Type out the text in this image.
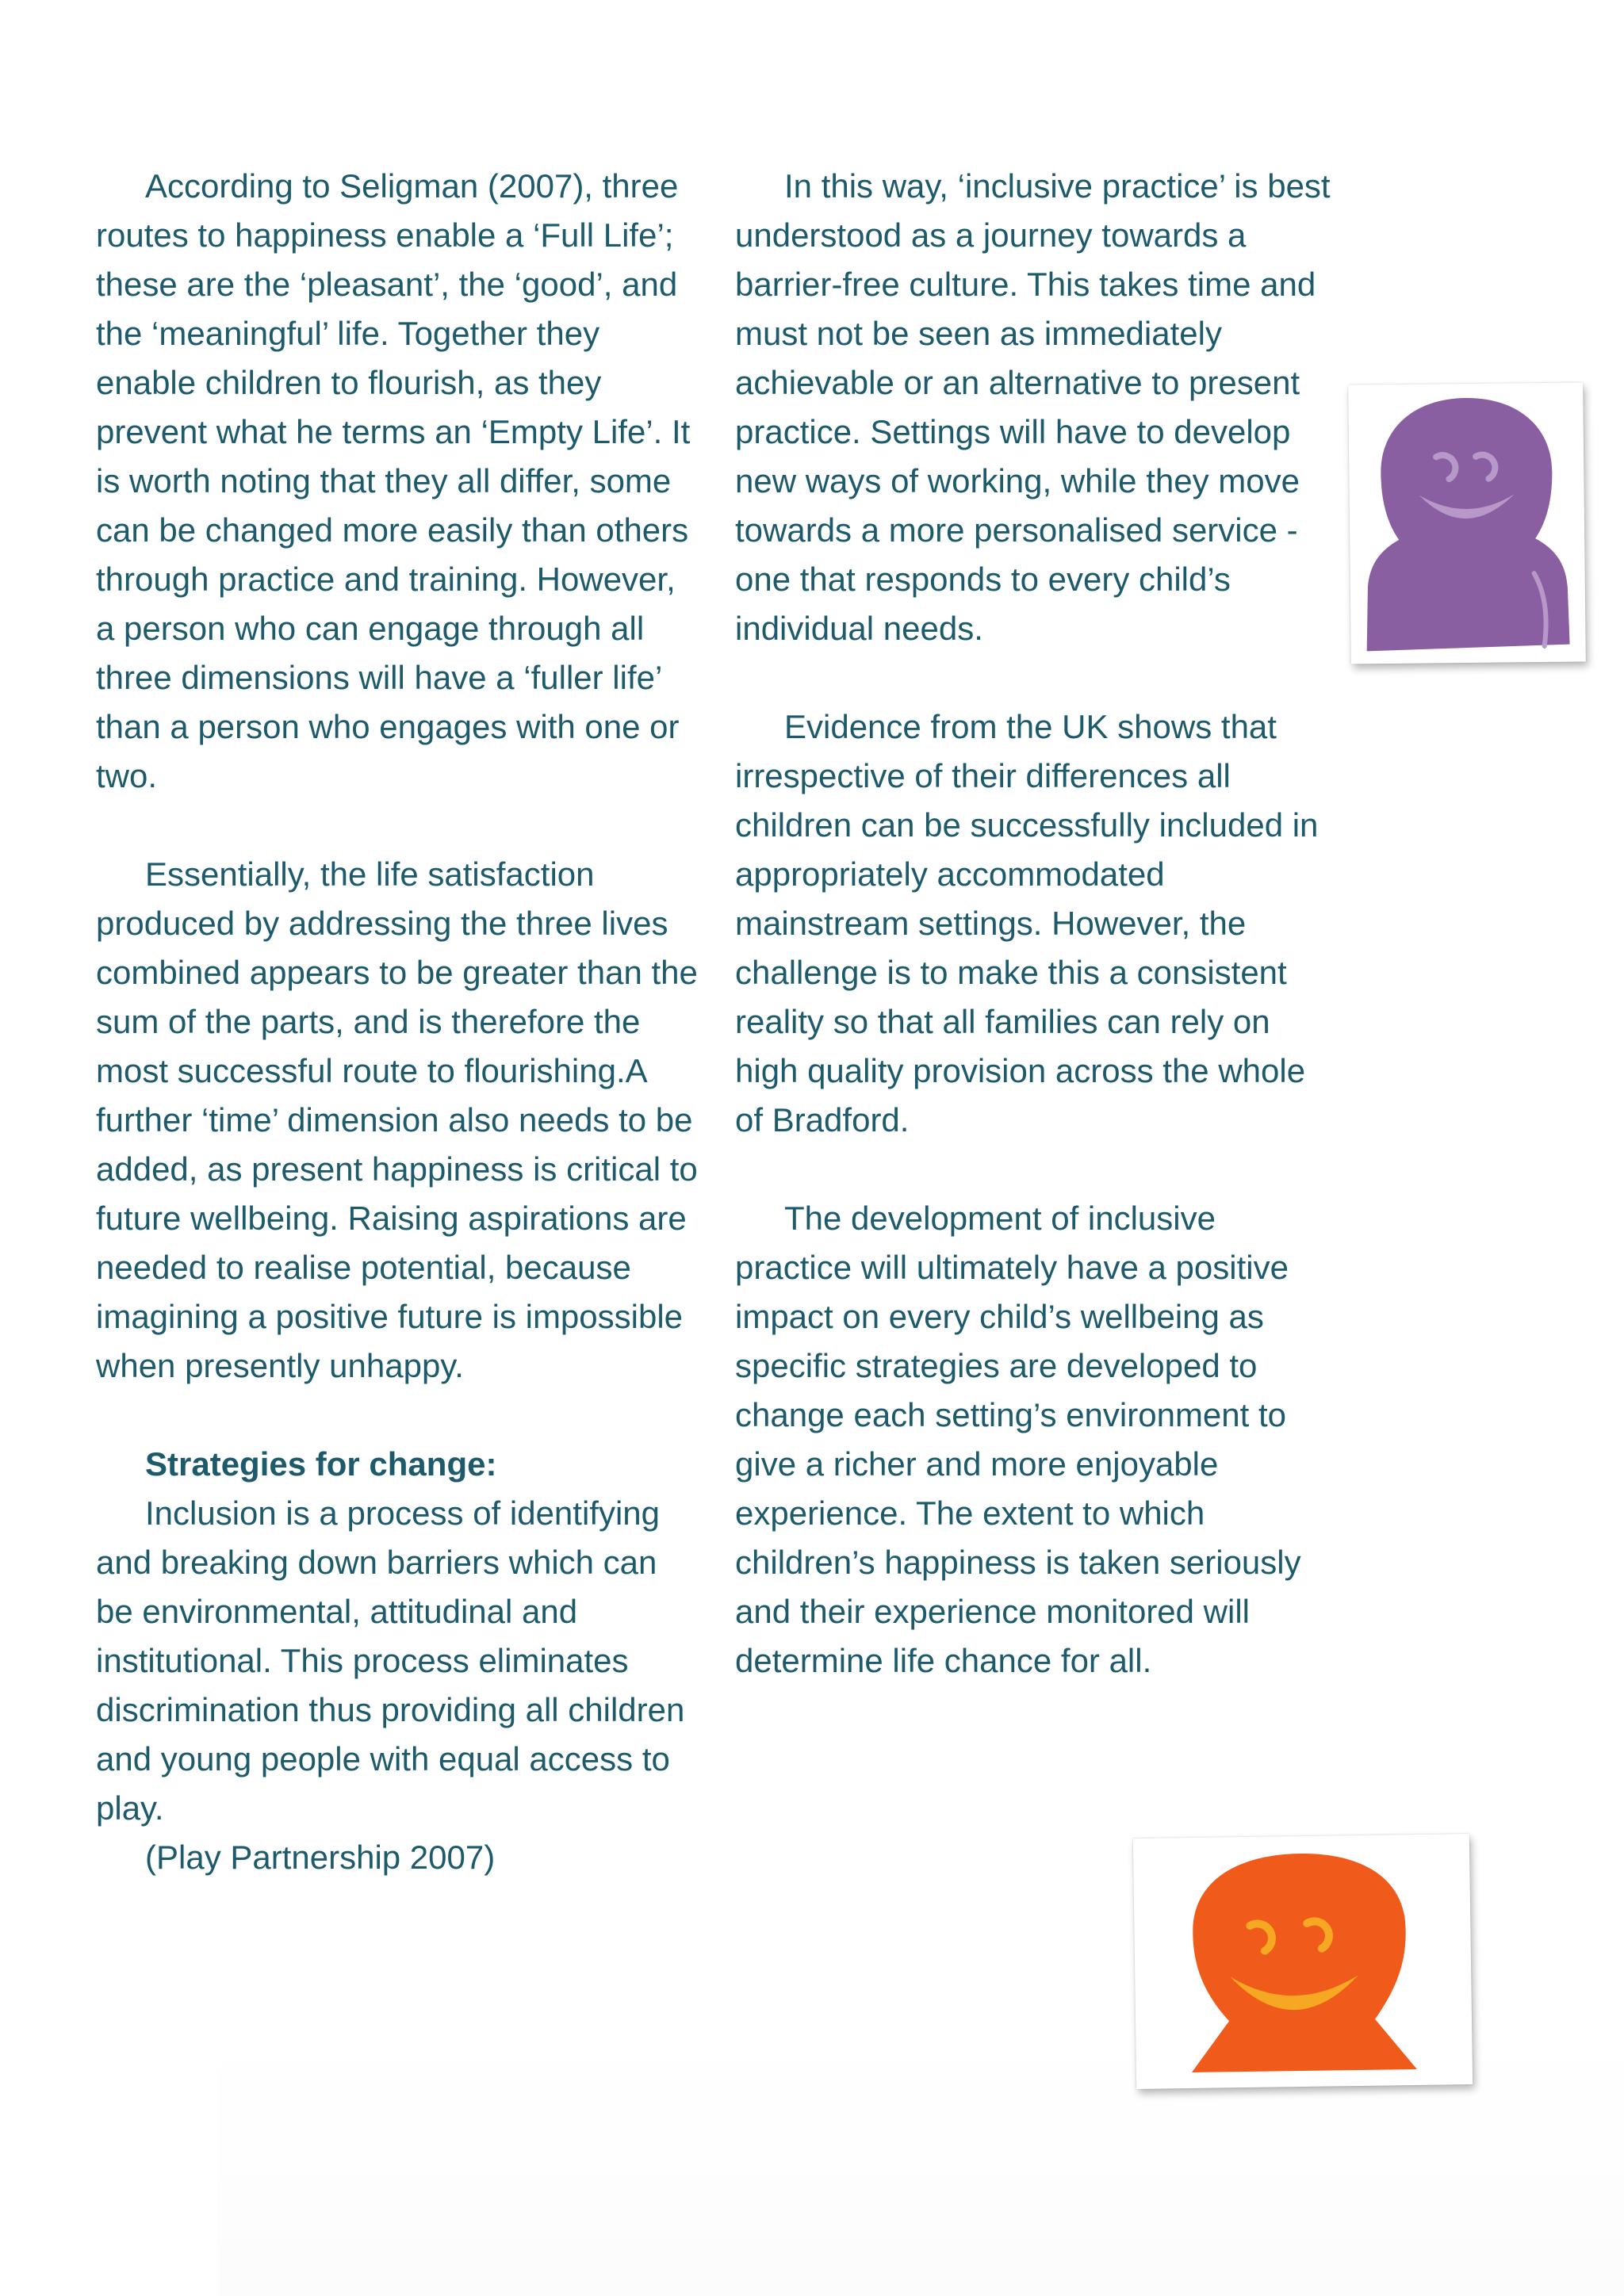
According to Seligman (2007), three routes to happiness enable a ‘Full Life’; these are the ‘pleasant’, the ‘good’, and the ‘meaningful’ life. Together they enable children to flourish, as they prevent what he terms an ‘Empty Life’. It is worth noting that they all differ, some can be changed more easily than others through practice and training. However, a person who can engage through all three dimensions will have a ‘fuller life’ than a person who engages with one or two.

Essentially, the life satisfaction produced by addressing the three lives combined appears to be greater than the sum of the parts, and is therefore the most successful route to flourishing.A further ‘time’ dimension also needs to be added, as present happiness is critical to future wellbeing. Raising aspirations are needed to realise potential, because imagining a positive future is impossible when presently unhappy.

Strategies for change:

Inclusion is a process of identifying and breaking down barriers which can be environmental, attitudinal and institutional. This process eliminates discrimination thus providing all children and young people with equal access to play.

(Play Partnership 2007)

In this way, ‘inclusive practice’ is best understood as a journey towards a barrier-free culture. This takes time and must not be seen as immediately achievable or an alternative to present practice. Settings will have to develop new ways of working, while they move towards a more personalised service - one that responds to every child’s individual needs.

Evidence from the UK shows that irrespective of their differences all children can be successfully included in appropriately accommodated mainstream settings. However, the challenge is to make this a consistent reality so that all families can rely on high quality provision across the whole of Bradford.

The development of inclusive practice will ultimately have a positive impact on every child’s wellbeing as specific strategies are developed to change each setting’s environment to give a richer and more enjoyable experience. The extent to which children’s happiness is taken seriously and their experience monitored will determine life chance for all.
